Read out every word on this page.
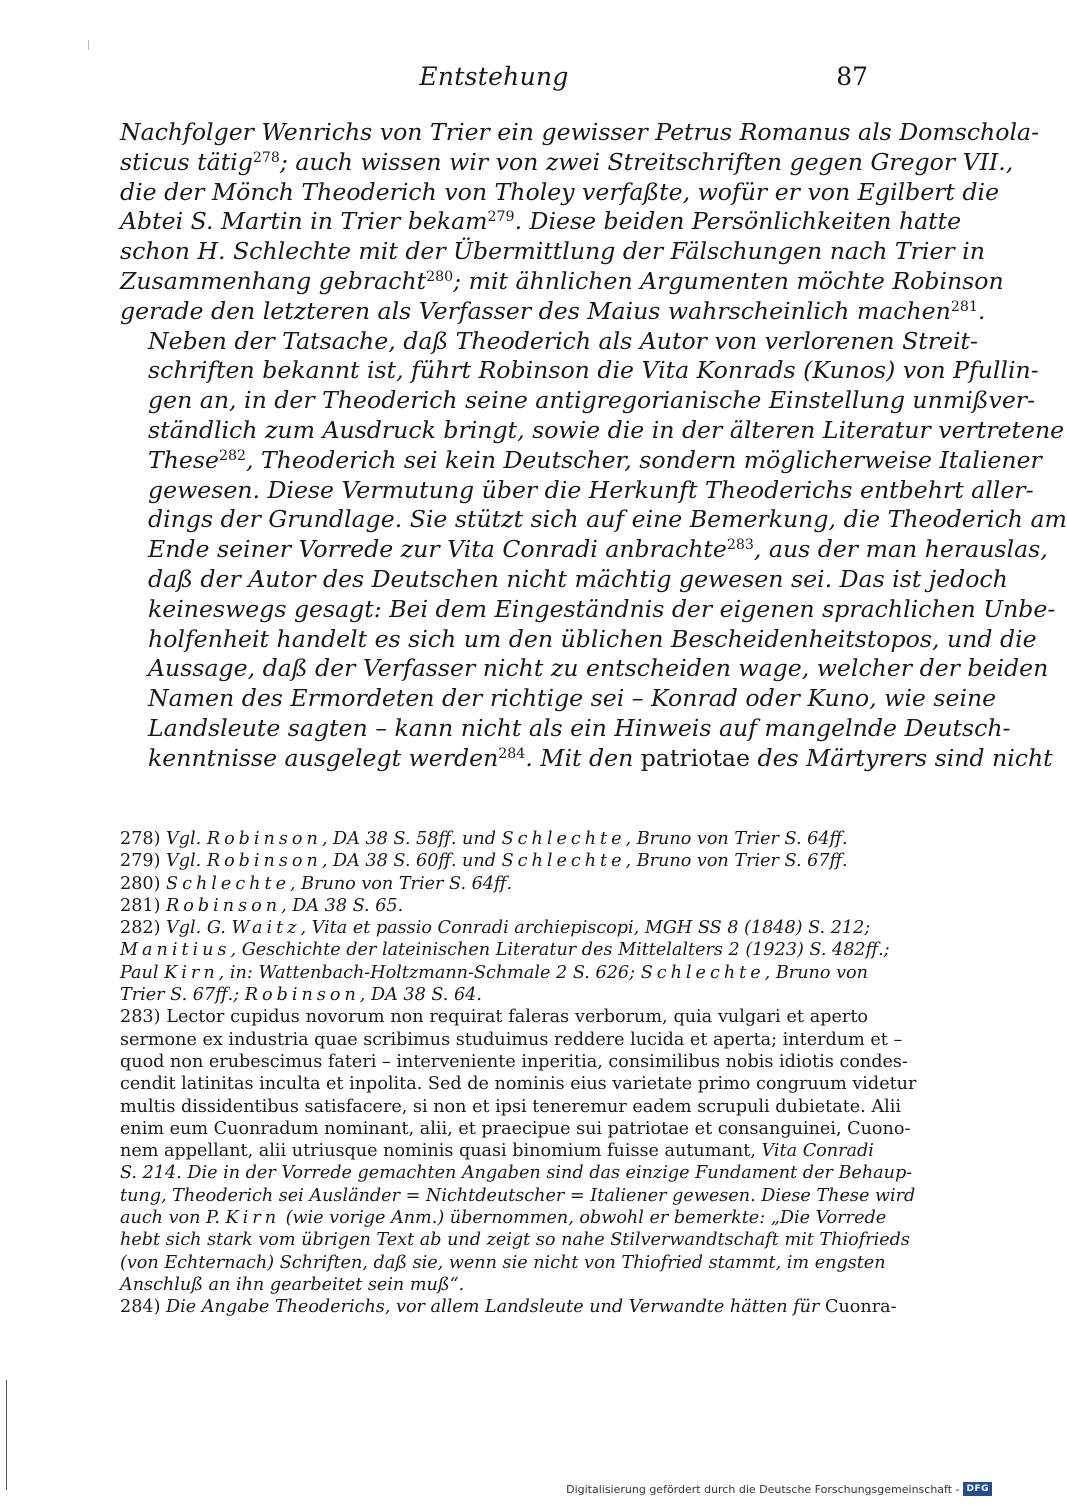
Entstehung	87

Nachfolger Wenrichs von Trier ein gewisser Petrus Romanus als Domschola-
sticus tätig$^{278}$; auch wissen wir von zwei Streitschriften gegen Gregor VII.,
die der Mönch Theoderich von Tholey verfaßte, wofür er von Egilbert die
Abtei S. Martin in Trier bekam$^{279}$. Diese beiden Persönlichkeiten hatte
schon H. Schlechte mit der Übermittlung der Fälschungen nach Trier in
Zusammenhang gebracht$^{280}$; mit ähnlichen Argumenten möchte Robinson
gerade den letzteren als Verfasser des Maius wahrscheinlich machen$^{281}$.

Neben der Tatsache, daß Theoderich als Autor von verlorenen Streit-
schriften bekannt ist, führt Robinson die Vita Konrads (Kunos) von Pfullin-
gen an, in der Theoderich seine antigregorianische Einstellung unmißver-
ständlich zum Ausdruck bringt, sowie die in der älteren Literatur vertretene
These$^{282}$, Theoderich sei kein Deutscher, sondern möglicherweise Italiener
gewesen. Diese Vermutung über die Herkunft Theoderichs entbehrt aller-
dings der Grundlage. Sie stützt sich auf eine Bemerkung, die Theoderich am
Ende seiner Vorrede zur Vita Conradi anbrachte$^{283}$, aus der man herauslas,
daß der Autor des Deutschen nicht mächtig gewesen sei. Das ist jedoch
keineswegs gesagt: Bei dem Eingeständnis der eigenen sprachlichen Unbe-
holfenheit handelt es sich um den üblichen Bescheidenheitstopos, und die
Aussage, daß der Verfasser nicht zu entscheiden wage, welcher der beiden
Namen des Ermordeten der richtige sei – Konrad oder Kuno, wie seine
Landsleute sagten – kann nicht als ein Hinweis auf mangelnde Deutsch-
kenntnisse ausgelegt werden$^{284}$. Mit den patriotae des Märtyrers sind nicht

278) Vgl. Robinson, DA 38 S. 58ff. und Schlechte, Bruno von Trier S. 64ff.
279) Vgl. Robinson, DA 38 S. 60ff. und Schlechte, Bruno von Trier S. 67ff.
280) Schlechte, Bruno von Trier S. 64ff.
281) Robinson, DA 38 S. 65.
282) Vgl. G. Waitz, Vita et passio Conradi archiepiscopi, MGH SS 8 (1848) S. 212;
Manitius, Geschichte der lateinischen Literatur des Mittelalters 2 (1923) S. 482ff.;
Paul Kirn, in: Wattenbach-Holtzmann-Schmale 2 S. 626; Schlechte, Bruno von
Trier S. 67ff.; Robinson, DA 38 S. 64.
283) Lector cupidus novorum non requirat faleras verborum, quia vulgari et aperto
sermone ex industria quae scribimus studuimus reddere lucida et aperta; interdum et –
quod non erubescimus fateri – interveniente inperitia, consimilibus nobis idiotis condes-
cendit latinitas inculta et inpolita. Sed de nominis eius varietate primo congruum videtur
multis dissidentibus satisfacere, si non et ipsi teneremur eadem scrupuli dubietate. Alii
enim eum Cuonradum nominant, alii, et praecipue sui patriotae et consanguinei, Cuono-
nem appellant, alii utriusque nominis quasi binomium fuisse autumant, Vita Conradi
S. 214. Die in der Vorrede gemachten Angaben sind das einzige Fundament der Behaup-
tung, Theoderich sei Ausländer = Nichtdeutscher = Italiener gewesen. Diese These wird
auch von P. Kirn (wie vorige Anm.) übernommen, obwohl er bemerkte: „Die Vorrede
hebt sich stark vom übrigen Text ab und zeigt so nahe Stilverwandtschaft mit Thiofrieds
(von Echternach) Schriften, daß sie, wenn sie nicht von Thiofried stammt, im engsten
Anschluß an ihn gearbeitet sein muß“.
284) Die Angabe Theoderichs, vor allem Landsleute und Verwandte hätten für Cuonra-
Digitalisierung gefördert durch die Deutsche Forschungsgemeinschaft - DFG
